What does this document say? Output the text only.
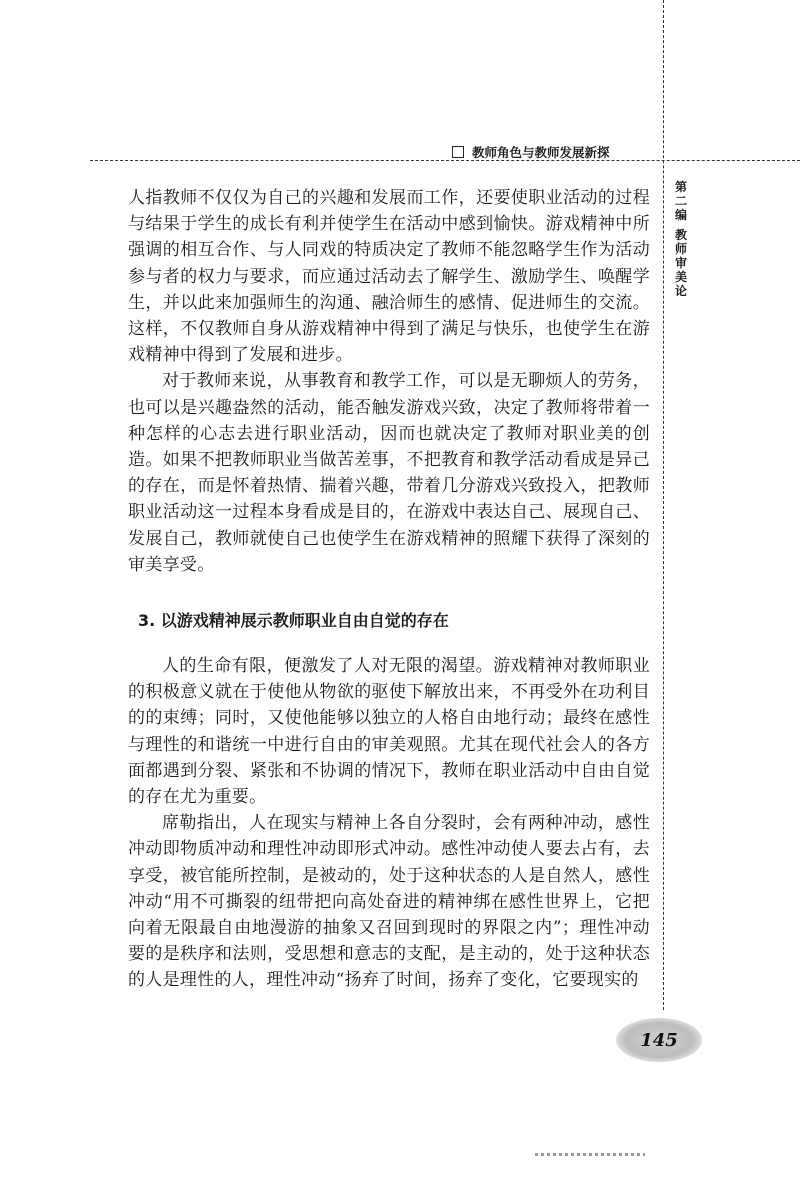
教师角色与教师发展新探
第二编
教师审美论

人指教师不仅仅为自己的兴趣和发展而工作，还要使职业活动的过程与结果于学生的成长有利并使学生在活动中感到愉快。游戏精神中所强调的相互合作、与人同戏的特质决定了教师不能忽略学生作为活动参与者的权力与要求，而应通过活动去了解学生、激励学生、唤醒学生，并以此来加强师生的沟通、融洽师生的感情、促进师生的交流。这样，不仅教师自身从游戏精神中得到了满足与快乐，也使学生在游戏精神中得到了发展和进步。

对于教师来说，从事教育和教学工作，可以是无聊烦人的劳务，也可以是兴趣盎然的活动，能否触发游戏兴致，决定了教师将带着一种怎样的心志去进行职业活动，因而也就决定了教师对职业美的创造。如果不把教师职业当做苦差事，不把教育和教学活动看成是异己的存在，而是怀着热情、揣着兴趣，带着几分游戏兴致投入，把教师职业活动这一过程本身看成是目的，在游戏中表达自己、展现自己、发展自己，教师就使自己也使学生在游戏精神的照耀下获得了深刻的审美享受。

3. 以游戏精神展示教师职业自由自觉的存在

人的生命有限，便激发了人对无限的渴望。游戏精神对教师职业的积极意义就在于使他从物欲的驱使下解放出来，不再受外在功利目的的束缚；同时，又使他能够以独立的人格自由地行动；最终在感性与理性的和谐统一中进行自由的审美观照。尤其在现代社会人的各方面都遇到分裂、紧张和不协调的情况下，教师在职业活动中自由自觉的存在尤为重要。

席勒指出，人在现实与精神上各自分裂时，会有两种冲动，感性冲动即物质冲动和理性冲动即形式冲动。感性冲动使人要去占有，去享受，被官能所控制，是被动的，处于这种状态的人是自然人，感性冲动“用不可撕裂的纽带把向高处奋进的精神绑在感性世界上，它把向着无限最自由地漫游的抽象又召回到现时的界限之内”；理性冲动要的是秩序和法则，受思想和意志的支配，是主动的，处于这种状态的人是理性的人，理性冲动“扬弃了时间，扬弃了变化，它要现实的

145
